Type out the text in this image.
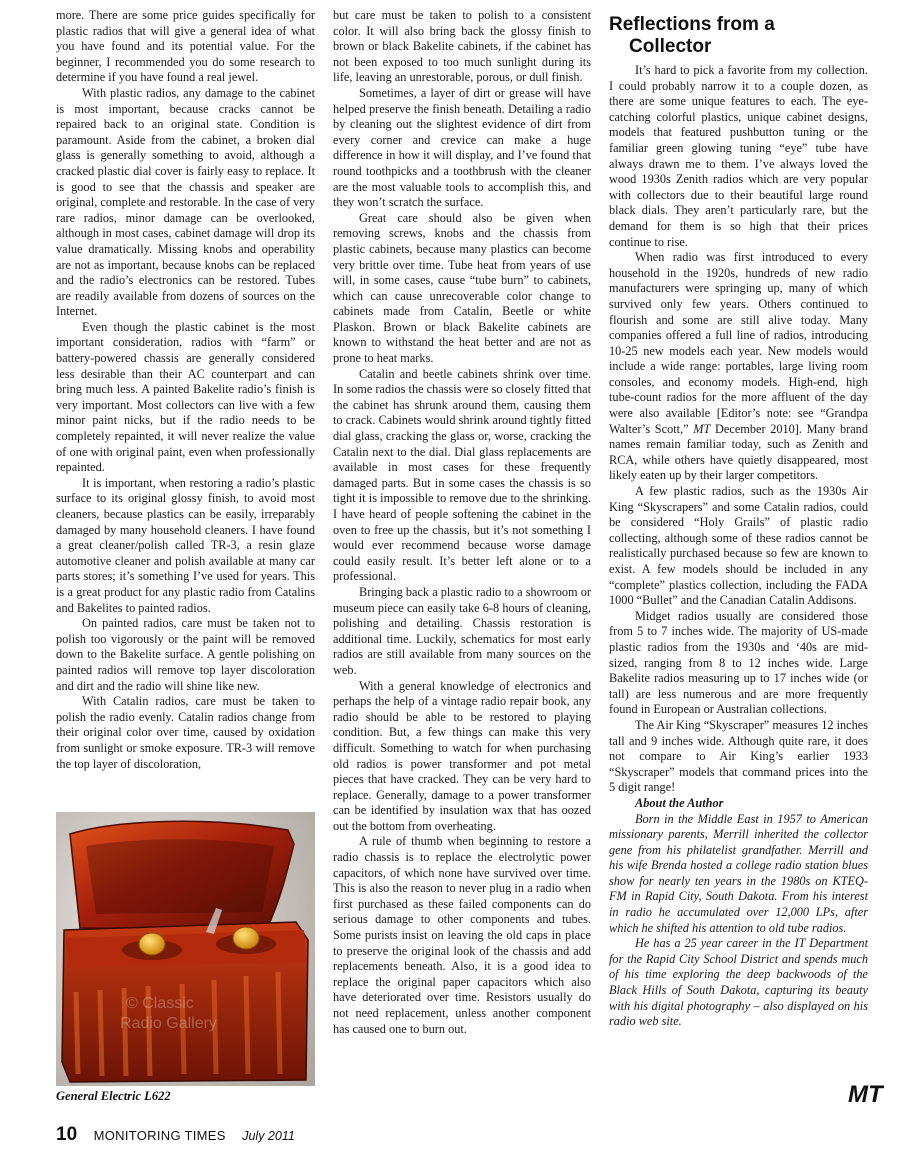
more. There are some price guides specifically for plastic radios that will give a general idea of what you have found and its potential value. For the beginner, I recommended you do some research to determine if you have found a real jewel.

With plastic radios, any damage to the cabinet is most important, because cracks cannot be repaired back to an original state. Condition is paramount. Aside from the cabinet, a broken dial glass is generally something to avoid, although a cracked plastic dial cover is fairly easy to replace. It is good to see that the chassis and speaker are original, complete and restorable. In the case of very rare radios, minor damage can be overlooked, although in most cases, cabinet damage will drop its value dramatically. Missing knobs and operability are not as important, because knobs can be replaced and the radio’s electronics can be restored. Tubes are readily available from dozens of sources on the Internet.

Even though the plastic cabinet is the most important consideration, radios with “farm” or battery-powered chassis are generally considered less desirable than their AC counterpart and can bring much less. A painted Bakelite radio’s finish is very important. Most collectors can live with a few minor paint nicks, but if the radio needs to be completely repainted, it will never realize the value of one with original paint, even when professionally repainted.

It is important, when restoring a radio’s plastic surface to its original glossy finish, to avoid most cleaners, because plastics can be easily, irreparably damaged by many household cleaners. I have found a great cleaner/polish called TR-3, a resin glaze automotive cleaner and polish available at many car parts stores; it’s something I’ve used for years. This is a great product for any plastic radio from Catalins and Bakelites to painted radios.

On painted radios, care must be taken not to polish too vigorously or the paint will be removed down to the Bakelite surface. A gentle polishing on painted radios will remove top layer discoloration and dirt and the radio will shine like new.

With Catalin radios, care must be taken to polish the radio evenly. Catalin radios change from their original color over time, caused by oxidation from sunlight or smoke exposure. TR-3 will remove the top layer of discoloration,

© Classic
Radio Gallery
General Electric L622

but care must be taken to polish to a consistent color. It will also bring back the glossy finish to brown or black Bakelite cabinets, if the cabinet has not been exposed to too much sunlight during its life, leaving an unrestorable, porous, or dull finish.

Sometimes, a layer of dirt or grease will have helped preserve the finish beneath. Detailing a radio by cleaning out the slightest evidence of dirt from every corner and crevice can make a huge difference in how it will display, and I’ve found that round toothpicks and a toothbrush with the cleaner are the most valuable tools to accomplish this, and they won’t scratch the surface.

Great care should also be given when removing screws, knobs and the chassis from plastic cabinets, because many plastics can become very brittle over time. Tube heat from years of use will, in some cases, cause “tube burn” to cabinets, which can cause unrecoverable color change to cabinets made from Catalin, Beetle or white Plaskon. Brown or black Bakelite cabinets are known to withstand the heat better and are not as prone to heat marks.

Catalin and beetle cabinets shrink over time. In some radios the chassis were so closely fitted that the cabinet has shrunk around them, causing them to crack. Cabinets would shrink around tightly fitted dial glass, cracking the glass or, worse, cracking the Catalin next to the dial. Dial glass replacements are available in most cases for these frequently damaged parts. But in some cases the chassis is so tight it is impossible to remove due to the shrinking. I have heard of people softening the cabinet in the oven to free up the chassis, but it’s not something I would ever recommend because worse damage could easily result. It’s better left alone or to a professional.

Bringing back a plastic radio to a showroom or museum piece can easily take 6-8 hours of cleaning, polishing and detailing. Chassis restoration is additional time. Luckily, schematics for most early radios are still available from many sources on the web.

With a general knowledge of electronics and perhaps the help of a vintage radio repair book, any radio should be able to be restored to playing condition. But, a few things can make this very difficult. Something to watch for when purchasing old radios is power transformer and pot metal pieces that have cracked. They can be very hard to replace. Generally, damage to a power transformer can be identified by insulation wax that has oozed out the bottom from overheating.

A rule of thumb when beginning to restore a radio chassis is to replace the electrolytic power capacitors, of which none have survived over time. This is also the reason to never plug in a radio when first purchased as these failed components can do serious damage to other components and tubes. Some purists insist on leaving the old caps in place to preserve the original look of the chassis and add replacements beneath. Also, it is a good idea to replace the original paper capacitors which also have deteriorated over time. Resistors usually do not need replacement, unless another component has caused one to burn out.

Reflections from a
Collector

It’s hard to pick a favorite from my collection. I could probably narrow it to a couple dozen, as there are some unique features to each. The eye-catching colorful plastics, unique cabinet designs, models that featured pushbutton tuning or the familiar green glowing tuning “eye” tube have always drawn me to them. I’ve always loved the wood 1930s Zenith radios which are very popular with collectors due to their beautiful large round black dials. They aren’t particularly rare, but the demand for them is so high that their prices continue to rise.

When radio was first introduced to every household in the 1920s, hundreds of new radio manufacturers were springing up, many of which survived only few years. Others continued to flourish and some are still alive today. Many companies offered a full line of radios, introducing 10-25 new models each year. New models would include a wide range: portables, large living room consoles, and economy models. High-end, high tube-count radios for the more affluent of the day were also available [Editor’s note: see “Grandpa Walter’s Scott,” MT December 2010]. Many brand names remain familiar today, such as Zenith and RCA, while others have quietly disappeared, most likely eaten up by their larger competitors.

A few plastic radios, such as the 1930s Air King “Skyscrapers” and some Catalin radios, could be considered “Holy Grails” of plastic radio collecting, although some of these radios cannot be realistically purchased because so few are known to exist. A few models should be included in any “complete” plastics collection, including the FADA 1000 “Bullet” and the Canadian Catalin Addisons.

Midget radios usually are considered those from 5 to 7 inches wide. The majority of US-made plastic radios from the 1930s and ‘40s are mid-sized, ranging from 8 to 12 inches wide. Large Bakelite radios measuring up to 17 inches wide (or tall) are less numerous and are more frequently found in European or Australian collections.

The Air King “Skyscraper” measures 12 inches tall and 9 inches wide. Although quite rare, it does not compare to Air King’s earlier 1933 “Skyscraper” models that command prices into the 5 digit range!

About the Author

Born in the Middle East in 1957 to American missionary parents, Merrill inherited the collector gene from his philatelist grandfather. Merrill and his wife Brenda hosted a college radio station blues show for nearly ten years in the 1980s on KTEQ-FM in Rapid City, South Dakota. From his interest in radio he accumulated over 12,000 LPs, after which he shifted his attention to old tube radios.

He has a 25 year career in the IT Department for the Rapid City School District and spends much of his time exploring the deep backwoods of the Black Hills of South Dakota, capturing its beauty with his digital photography – also displayed on his radio web site.

MT
10 MONITORING TIMES July 2011
